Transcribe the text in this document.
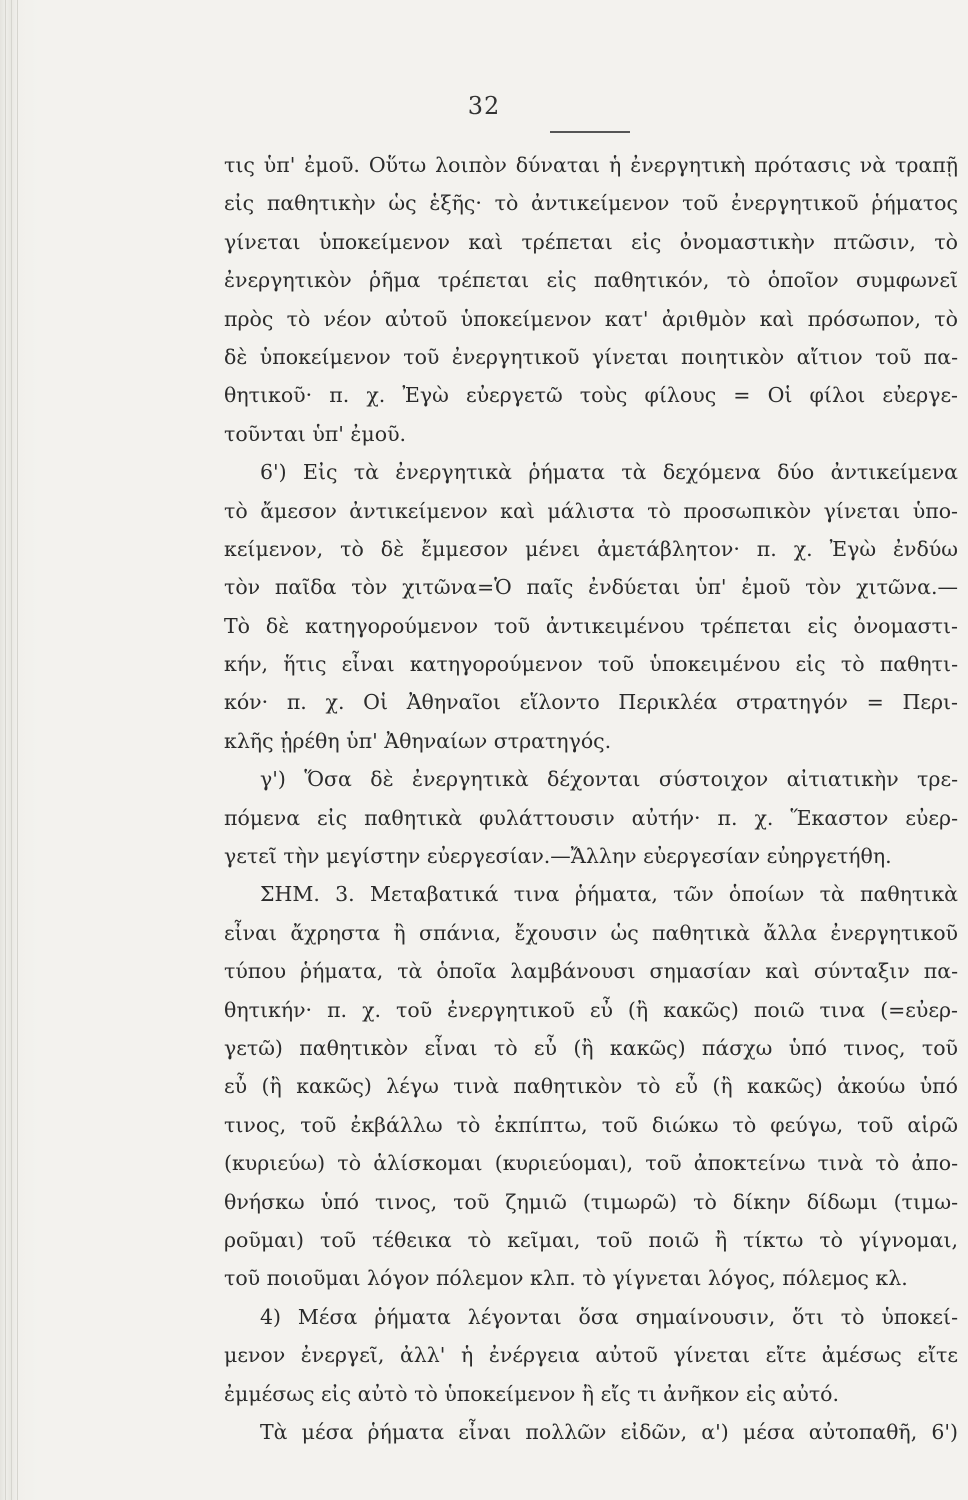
32
τις ὑπ' ἐμοῦ. Οὕτω λοιπὸν δύναται ἡ ἐνεργητικὴ πρότασις νὰ τραπῇ
εἰς παθητικὴν ὡς ἑξῆς· τὸ ἀντικείμενον τοῦ ἐνεργητικοῦ ῥήματος
γίνεται ὑποκείμενον καὶ τρέπεται εἰς ὀνομαστικὴν πτῶσιν, τὸ
ἐνεργητικὸν ῥῆμα τρέπεται εἰς παθητικόν, τὸ ὁποῖον συμφωνεῖ
πρὸς τὸ νέον αὐτοῦ ὑποκείμενον κατ' ἀριθμὸν καὶ πρόσωπον, τὸ
δὲ ὑποκείμενον τοῦ ἐνεργητικοῦ γίνεται ποιητικὸν αἴτιον τοῦ πα-
θητικοῦ· π. χ. Ἐγὼ εὐεργετῶ τοὺς φίλους = Οἱ φίλοι εὐεργε-
τοῦνται ὑπ' ἐμοῦ.
6') Εἰς τὰ ἐνεργητικὰ ῥήματα τὰ δεχόμενα δύο ἀντικείμενα
τὸ ἄμεσον ἀντικείμενον καὶ μάλιστα τὸ προσωπικὸν γίνεται ὑπο-
κείμενον, τὸ δὲ ἔμμεσον μένει ἀμετάβλητον· π. χ. Ἐγὼ ἐνδύω
τὸν παῖδα τὸν χιτῶνα=Ὁ παῖς ἐνδύεται ὑπ' ἐμοῦ τὸν χιτῶνα.—
Τὸ δὲ κατηγορούμενον τοῦ ἀντικειμένου τρέπεται εἰς ὀνομαστι-
κήν, ἥτις εἶναι κατηγορούμενον τοῦ ὑποκειμένου εἰς τὸ παθητι-
κόν· π. χ. Οἱ Ἀθηναῖοι εἵλοντο Περικλέα στρατηγόν = Περι-
κλῆς ᾑρέθη ὑπ' Ἀθηναίων στρατηγός.
γ') Ὅσα δὲ ἐνεργητικὰ δέχονται σύστοιχον αἰτιατικὴν τρε-
πόμενα εἰς παθητικὰ φυλάττουσιν αὐτήν· π. χ. Ἕκαστον εὐερ-
γετεῖ τὴν μεγίστην εὐεργεσίαν.—Ἄλλην εὐεργεσίαν εὐηργετήθη.
ΣΗΜ. 3. Μεταβατικά τινα ῥήματα, τῶν ὁποίων τὰ παθητικὰ
εἶναι ἄχρηστα ἢ σπάνια, ἔχουσιν ὡς παθητικὰ ἄλλα ἐνεργητικοῦ
τύπου ῥήματα, τὰ ὁποῖα λαμβάνουσι σημασίαν καὶ σύνταξιν πα-
θητικήν· π. χ. τοῦ ἐνεργητικοῦ εὖ (ἢ κακῶς) ποιῶ τινα (=εὐερ-
γετῶ) παθητικὸν εἶναι τὸ εὖ (ἢ κακῶς) πάσχω ὑπό τινος, τοῦ
εὖ (ἢ κακῶς) λέγω τινὰ παθητικὸν τὸ εὖ (ἢ κακῶς) ἀκούω ὑπό
τινος, τοῦ ἐκβάλλω τὸ ἐκπίπτω, τοῦ διώκω τὸ φεύγω, τοῦ αἱρῶ
(κυριεύω) τὸ ἁλίσκομαι (κυριεύομαι), τοῦ ἀποκτείνω τινὰ τὸ ἀπο-
θνήσκω ὑπό τινος, τοῦ ζημιῶ (τιμωρῶ) τὸ δίκην δίδωμι (τιμω-
ροῦμαι) τοῦ τέθεικα τὸ κεῖμαι, τοῦ ποιῶ ἢ τίκτω τὸ γίγνομαι,
τοῦ ποιοῦμαι λόγον πόλεμον κλπ. τὸ γίγνεται λόγος, πόλεμος κλ.
4) Μέσα ῥήματα λέγονται ὅσα σημαίνουσιν, ὅτι τὸ ὑποκεί-
μενον ἐνεργεῖ, ἀλλ' ἡ ἐνέργεια αὐτοῦ γίνεται εἴτε ἀμέσως εἴτε
ἐμμέσως εἰς αὐτὸ τὸ ὑποκείμενον ἢ εἴς τι ἀνῆκον εἰς αὐτό.
Τὰ μέσα ῥήματα εἶναι πολλῶν εἰδῶν, α') μέσα αὐτοπαθῆ, 6')
